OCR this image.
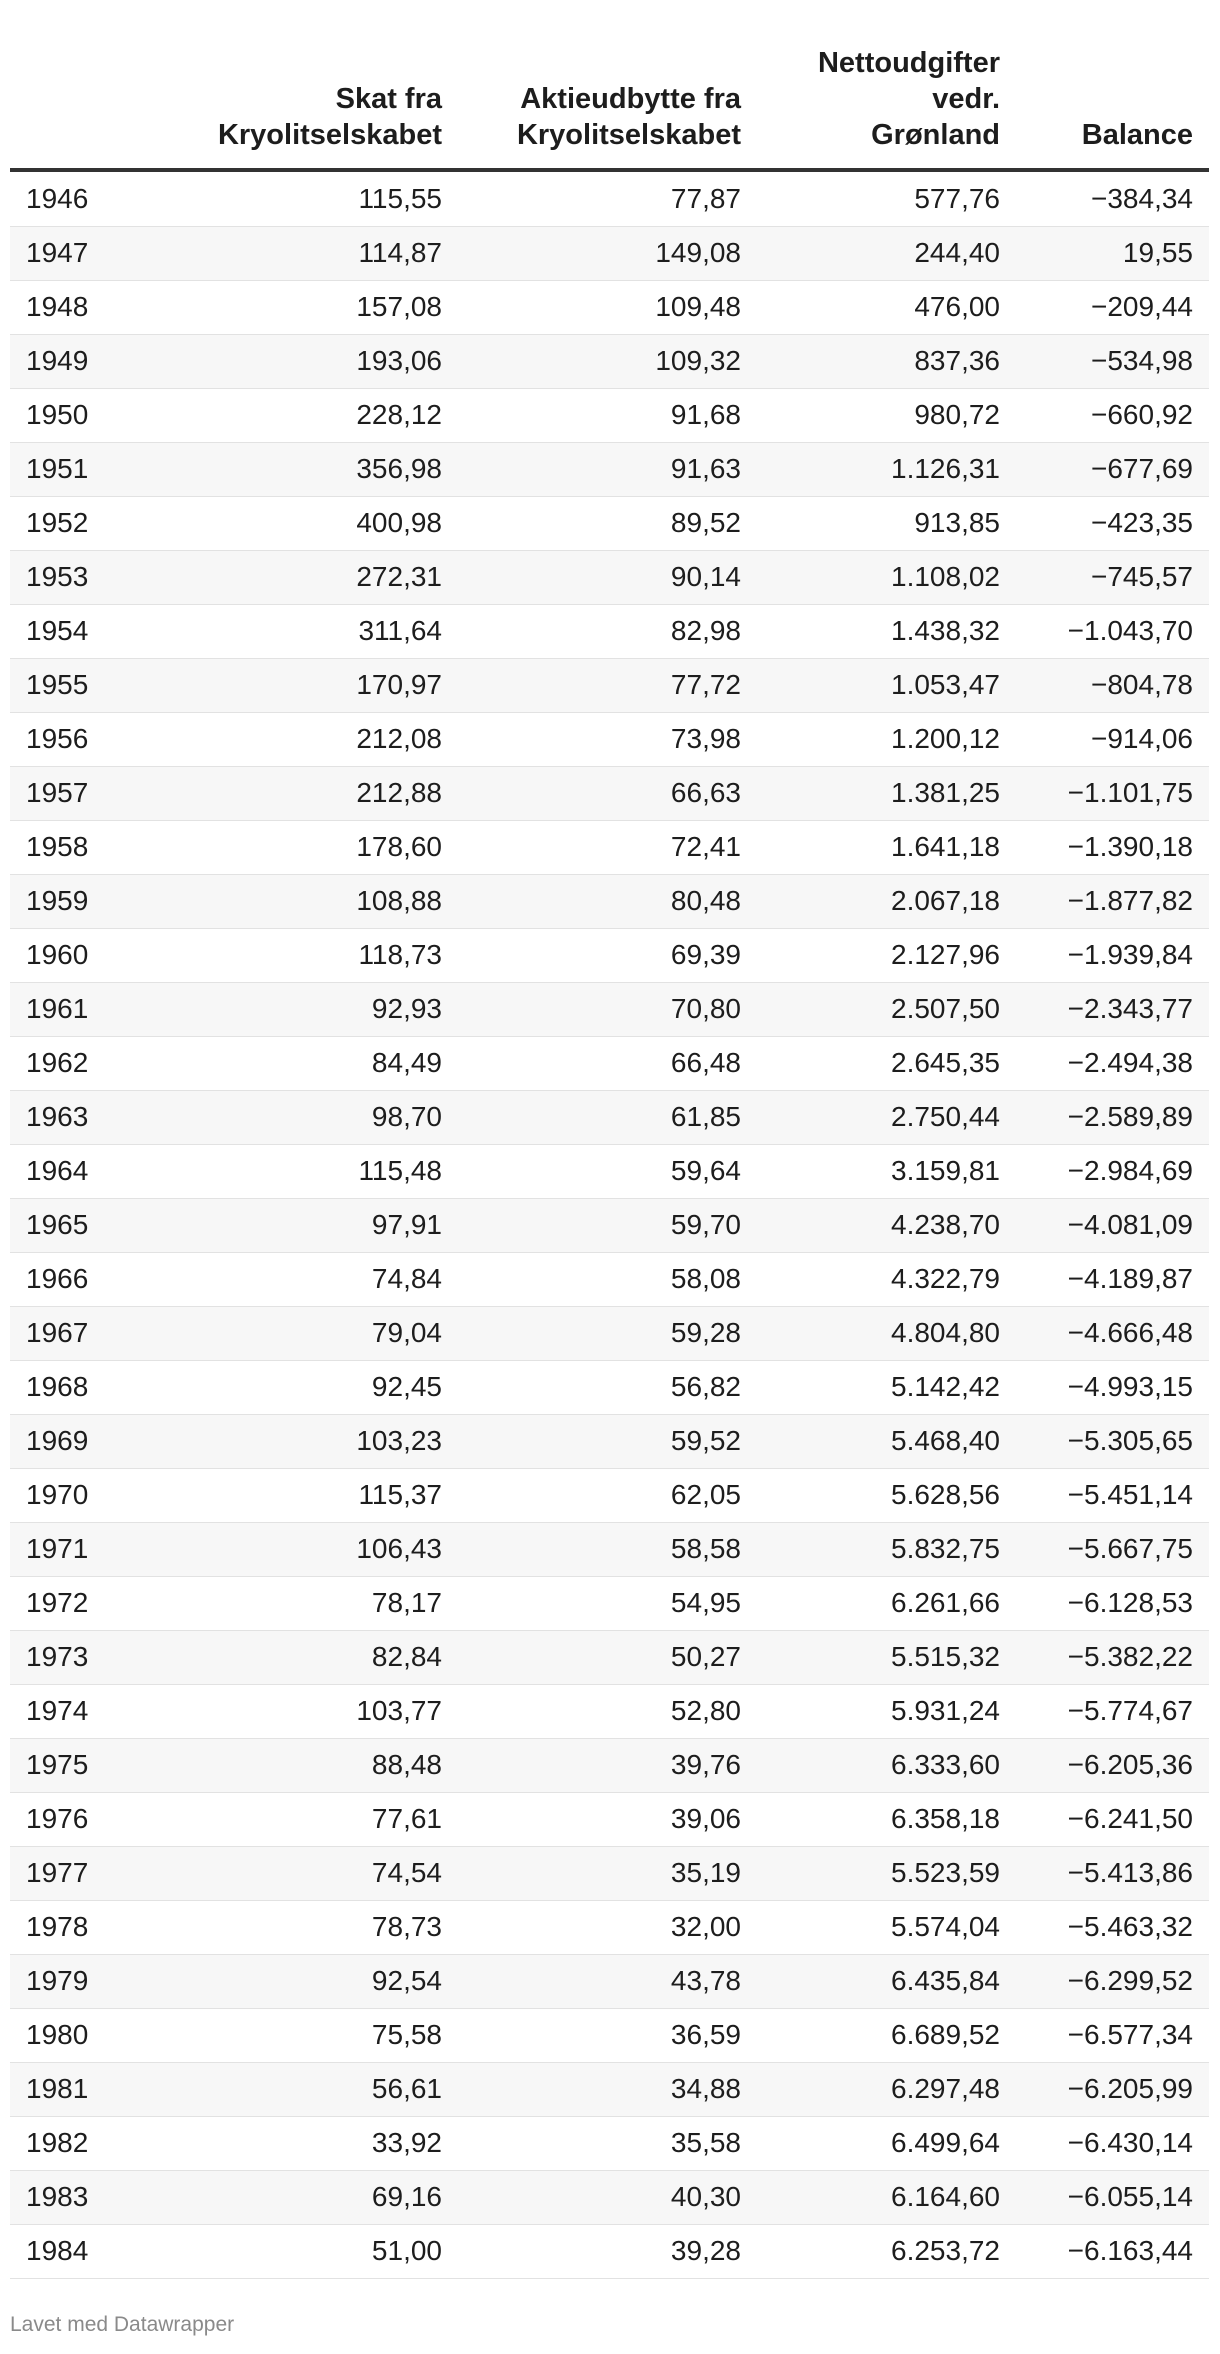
	Skat fra
Kryolitselskabet	Aktieudbytte fra
Kryolitselskabet	Nettoudgifter
vedr.
Grønland	Balance
1946	115,55	77,87	577,76	−384,34
1947	114,87	149,08	244,40	19,55
1948	157,08	109,48	476,00	−209,44
1949	193,06	109,32	837,36	−534,98
1950	228,12	91,68	980,72	−660,92
1951	356,98	91,63	1.126,31	−677,69
1952	400,98	89,52	913,85	−423,35
1953	272,31	90,14	1.108,02	−745,57
1954	311,64	82,98	1.438,32	−1.043,70
1955	170,97	77,72	1.053,47	−804,78
1956	212,08	73,98	1.200,12	−914,06
1957	212,88	66,63	1.381,25	−1.101,75
1958	178,60	72,41	1.641,18	−1.390,18
1959	108,88	80,48	2.067,18	−1.877,82
1960	118,73	69,39	2.127,96	−1.939,84
1961	92,93	70,80	2.507,50	−2.343,77
1962	84,49	66,48	2.645,35	−2.494,38
1963	98,70	61,85	2.750,44	−2.589,89
1964	115,48	59,64	3.159,81	−2.984,69
1965	97,91	59,70	4.238,70	−4.081,09
1966	74,84	58,08	4.322,79	−4.189,87
1967	79,04	59,28	4.804,80	−4.666,48
1968	92,45	56,82	5.142,42	−4.993,15
1969	103,23	59,52	5.468,40	−5.305,65
1970	115,37	62,05	5.628,56	−5.451,14
1971	106,43	58,58	5.832,75	−5.667,75
1972	78,17	54,95	6.261,66	−6.128,53
1973	82,84	50,27	5.515,32	−5.382,22
1974	103,77	52,80	5.931,24	−5.774,67
1975	88,48	39,76	6.333,60	−6.205,36
1976	77,61	39,06	6.358,18	−6.241,50
1977	74,54	35,19	5.523,59	−5.413,86
1978	78,73	32,00	5.574,04	−5.463,32
1979	92,54	43,78	6.435,84	−6.299,52
1980	75,58	36,59	6.689,52	−6.577,34
1981	56,61	34,88	6.297,48	−6.205,99
1982	33,92	35,58	6.499,64	−6.430,14
1983	69,16	40,30	6.164,60	−6.055,14
1984	51,00	39,28	6.253,72	−6.163,44
Lavet med Datawrapper
